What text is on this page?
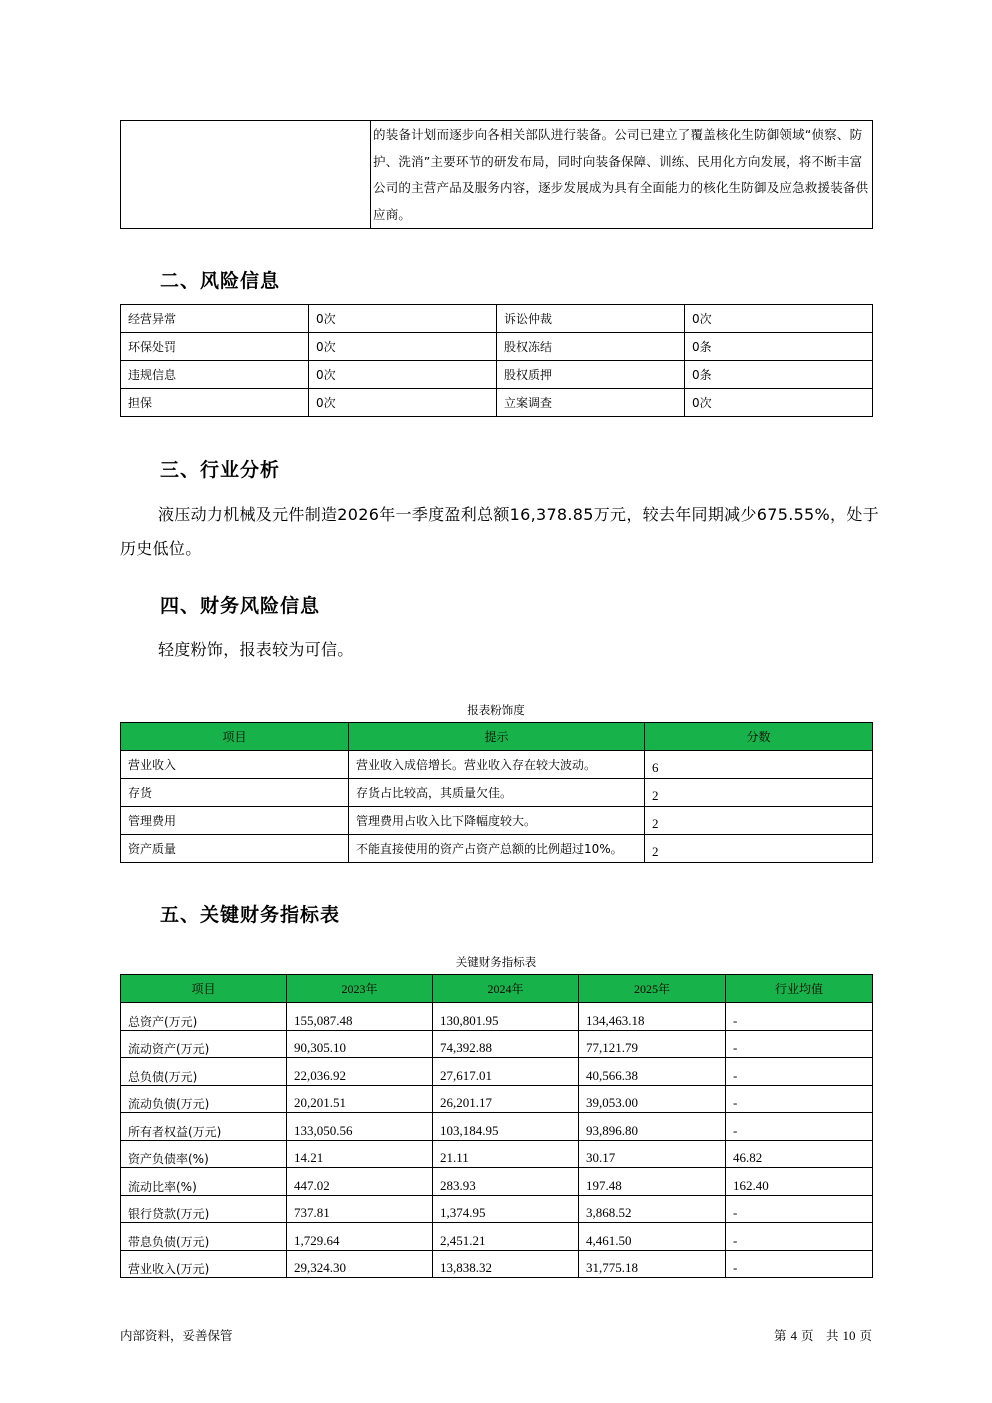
	的装备计划而逐步向各相关部队进行装备。公司已建立了覆盖核化生防御领域“侦察、防护、洗消”主要环节的研发布局，同时向装备保障、训练、民用化方向发展，将不断丰富公司的主营产品及服务内容，逐步发展成为具有全面能力的核化生防御及应急救援装备供应商。
二、风险信息
经营异常	0次	诉讼仲裁	0次
环保处罚	0次	股权冻结	0条
违规信息	0次	股权质押	0条
担保	0次	立案调查	0次
三、行业分析

液压动力机械及元件制造2026年一季度盈利总额16,378.85万元，较去年同期减少675.55%，处于历史低位。

四、财务风险信息

轻度粉饰，报表较为可信。

报表粉饰度
项目	提示	分数
营业收入	营业收入成倍增长。营业收入存在较大波动。	6
存货	存货占比较高，其质量欠佳。	2
管理费用	管理费用占收入比下降幅度较大。	2
资产质量	不能直接使用的资产占资产总额的比例超过10%。	2
五、关键财务指标表
关键财务指标表
项目	2023年	2024年	2025年	行业均值
总资产(万元)	155,087.48	130,801.95	134,463.18	-
流动资产(万元)	90,305.10	74,392.88	77,121.79	-
总负债(万元)	22,036.92	27,617.01	40,566.38	-
流动负债(万元)	20,201.51	26,201.17	39,053.00	-
所有者权益(万元)	133,050.56	103,184.95	93,896.80	-
资产负债率(%)	14.21	21.11	30.17	46.82
流动比率(%)	447.02	283.93	197.48	162.40
银行贷款(万元)	737.81	1,374.95	3,868.52	-
带息负债(万元)	1,729.64	2,451.21	4,461.50	-
营业收入(万元)	29,324.30	13,838.32	31,775.18	-
内部资料，妥善保管	第 4 页　共 10 页
